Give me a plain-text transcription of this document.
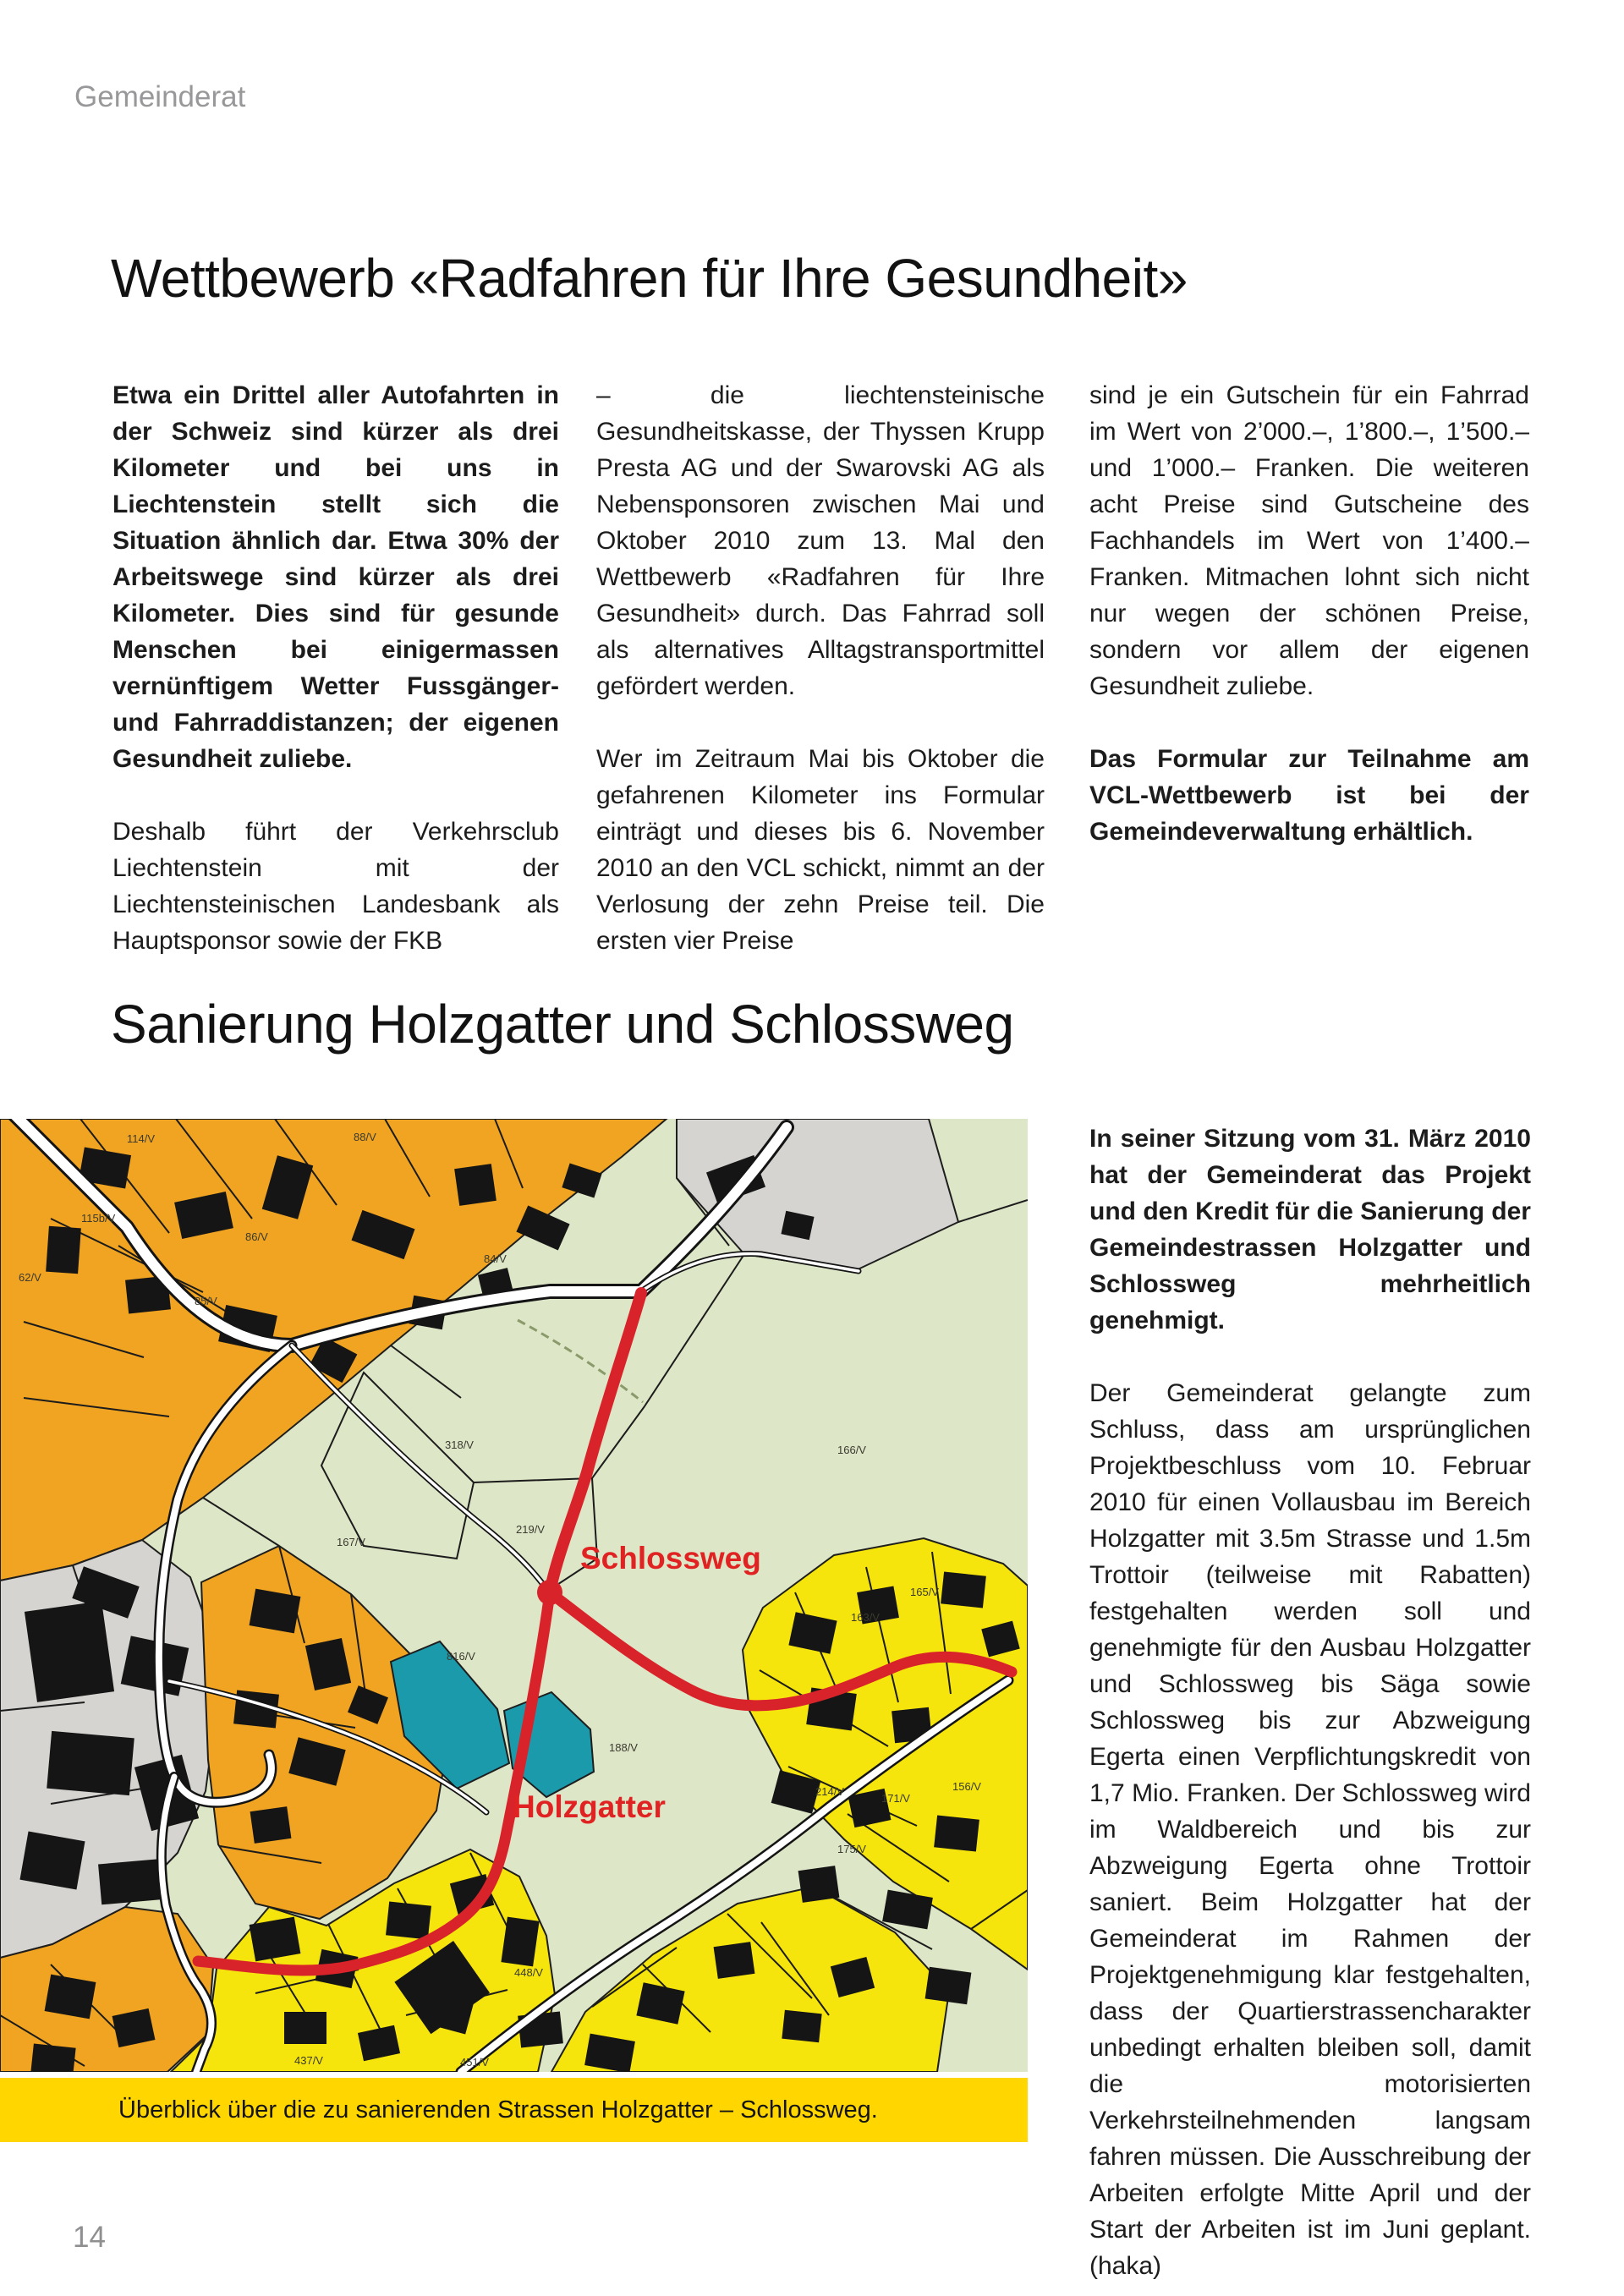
Gemeinderat
Wettbewerb «Radfahren für Ihre Gesundheit»

Etwa ein Drittel aller Autofahrten in der Schweiz sind kürzer als drei Kilometer und bei uns in Liechtenstein stellt sich die Situation ähnlich dar. Etwa 30% der Arbeitswege sind kürzer als drei Kilometer. Dies sind für gesunde Menschen bei einigermassen vernünftigem Wetter Fussgänger- und Fahrraddistanzen; der eigenen Gesundheit zuliebe.

Deshalb führt der Verkehrsclub Liechtenstein mit der Liechtensteinischen Landesbank als Hauptsponsor sowie der FKB

– die liechtensteinische Gesundheitskasse, der Thyssen Krupp Presta AG und der Swarovski AG als Nebensponsoren zwischen Mai und Oktober 2010 zum 13. Mal den Wettbewerb «Radfahren für Ihre Gesundheit» durch. Das Fahrrad soll als alternatives Alltagstransportmittel gefördert werden.

Wer im Zeitraum Mai bis Oktober die gefahrenen Kilometer ins Formular einträgt und dieses bis 6. November 2010 an den VCL schickt, nimmt an der Verlosung der zehn Preise teil. Die ersten vier Preise

sind je ein Gutschein für ein Fahrrad im Wert von 2’000.–, 1’800.–, 1’500.– und 1’000.– Franken. Die weiteren acht Preise sind Gutscheine des Fachhandels im Wert von 1’400.– Franken. Mitmachen lohnt sich nicht nur wegen der schönen Preise, sondern vor allem der eigenen Gesundheit zuliebe.

Das Formular zur Teilnahme am VCL-Wettbewerb ist bei der Gemeindeverwaltung erhältlich.

Sanierung Holzgatter und Schlossweg
114/V	88/V
115b/V
86/V
85/V
62/V
84/V
318/V
167/V
219/V
166/V
816/V
188/V
165/V
163/V
214/V
171/V
156/V
175/V
448/V
451/V
437/V
Schlossweg
Holzgatter
Überblick über die zu sanierenden Strassen Holzgatter – Schlossweg.

In seiner Sitzung vom 31. März 2010 hat der Gemeinderat das Projekt und den Kredit für die Sanierung der Gemeindestrassen Holzgatter und Schlossweg mehrheitlich genehmigt.

Der Gemeinderat gelangte zum Schluss, dass am ursprünglichen Projektbeschluss vom 10. Februar 2010 für einen Vollausbau im Bereich Holzgatter mit 3.5m Strasse und 1.5m Trottoir (teilweise mit Rabatten) festgehalten werden soll und genehmigte für den Ausbau Holzgatter und Schlossweg bis Säga sowie Schlossweg bis zur Abzweigung Egerta einen Verpflichtungskredit von 1,7 Mio. Franken. Der Schlossweg wird im Waldbereich und bis zur Abzweigung Egerta ohne Trottoir saniert. Beim Holzgatter hat der Gemeinderat im Rahmen der Projektgenehmigung klar festgehalten, dass der Quartierstrassencharakter unbedingt erhalten bleiben soll, damit die motorisierten Verkehrsteilnehmenden langsam fahren müssen. Die Ausschreibung der Arbeiten erfolgte Mitte April und der Start der Arbeiten ist im Juni geplant. (haka)

14
